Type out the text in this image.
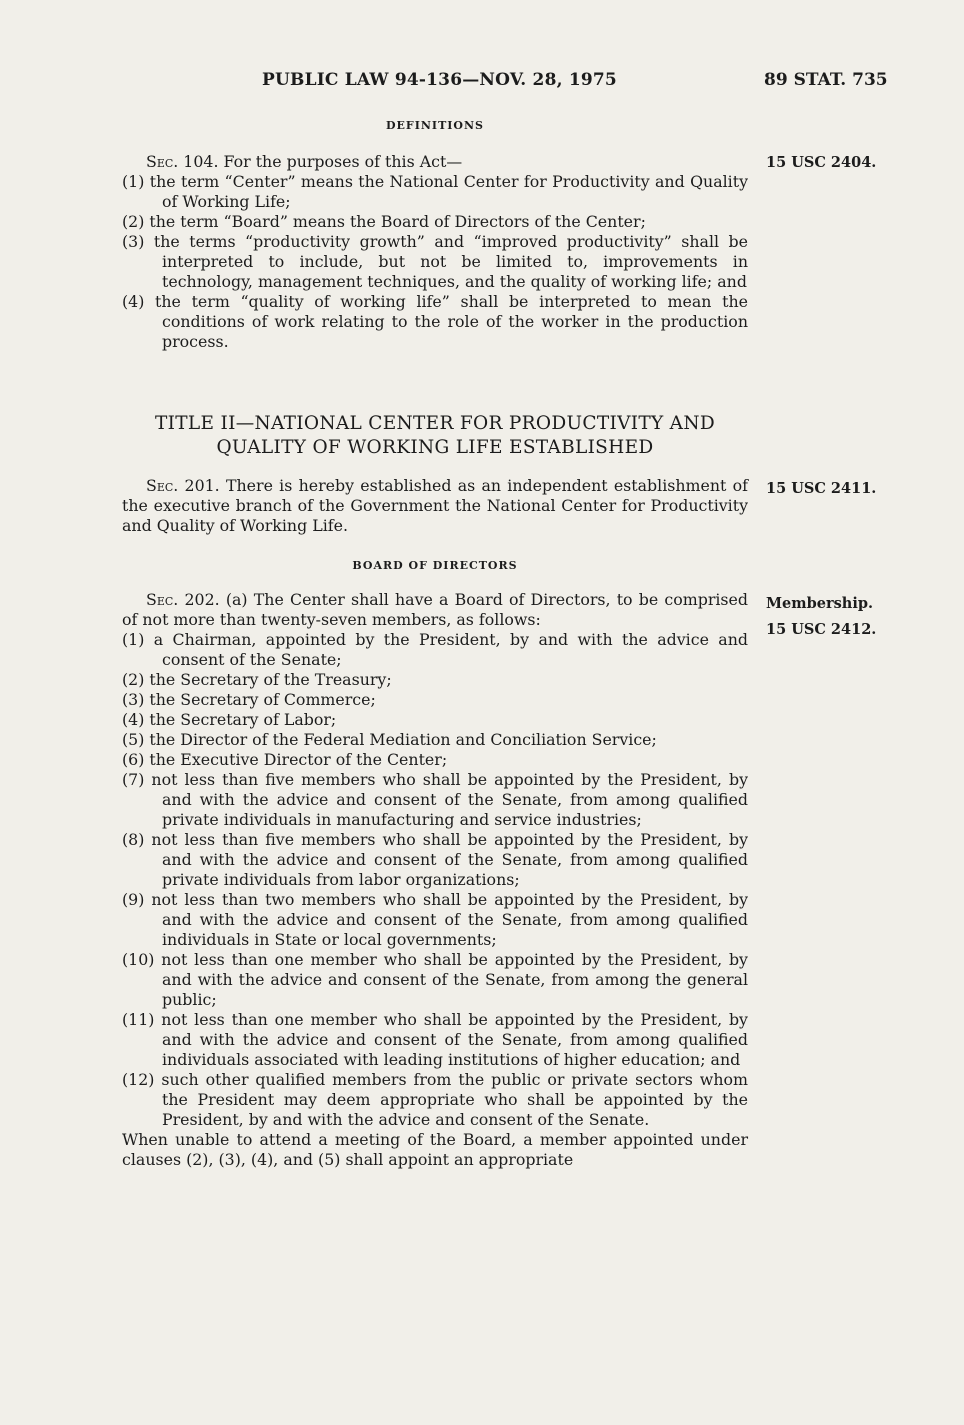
PUBLIC LAW 94-136—NOV. 28, 1975	89 STAT. 735

DEFINITIONS

Sec. 104. For the purposes of this Act—

(1) the term “Center” means the National Center for Productivity and Quality of Working Life;

(2) the term “Board” means the Board of Directors of the Center;

(3) the terms “productivity growth” and “improved productivity” shall be interpreted to include, but not be limited to, improvements in technology, management techniques, and the quality of working life; and

(4) the term “quality of working life” shall be interpreted to mean the conditions of work relating to the role of the worker in the production process.

TITLE II—NATIONAL CENTER FOR PRODUCTIVITY AND

QUALITY OF WORKING LIFE ESTABLISHED

Sec. 201. There is hereby established as an independent establishment of the executive branch of the Government the National Center for Productivity and Quality of Working Life.

BOARD OF DIRECTORS

Sec. 202. (a) The Center shall have a Board of Directors, to be comprised of not more than twenty-seven members, as follows:

(1) a Chairman, appointed by the President, by and with the advice and consent of the Senate;

(2) the Secretary of the Treasury;

(3) the Secretary of Commerce;

(4) the Secretary of Labor;

(5) the Director of the Federal Mediation and Conciliation Service;

(6) the Executive Director of the Center;

(7) not less than five members who shall be appointed by the President, by and with the advice and consent of the Senate, from among qualified private individuals in manufacturing and service industries;

(8) not less than five members who shall be appointed by the President, by and with the advice and consent of the Senate, from among qualified private individuals from labor organizations;

(9) not less than two members who shall be appointed by the President, by and with the advice and consent of the Senate, from among qualified individuals in State or local governments;

(10) not less than one member who shall be appointed by the President, by and with the advice and consent of the Senate, from among the general public;

(11) not less than one member who shall be appointed by the President, by and with the advice and consent of the Senate, from among qualified individuals associated with leading institutions of higher education; and

(12) such other qualified members from the public or private sectors whom the President may deem appropriate who shall be appointed by the President, by and with the advice and consent of the Senate.

When unable to attend a meeting of the Board, a member appointed under clauses (2), (3), (4), and (5) shall appoint an appropriate

15 USC 2404.
15 USC 2411.
Membership.
15 USC 2412.
